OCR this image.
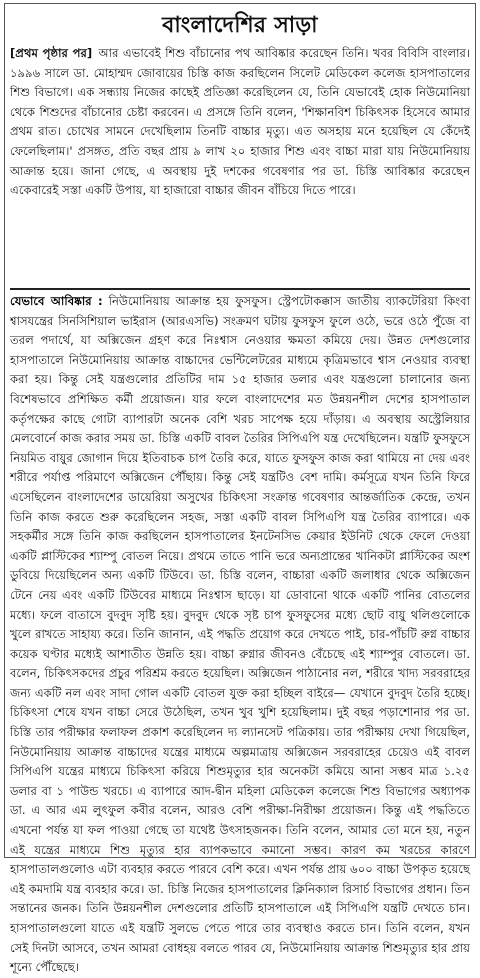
বাংলাদেশির সাড়া

[প্রথম পৃষ্ঠার পর] আর এভাবেই শিশু বাঁচানোর পথ আবিষ্কার করেছেন তিনি। খবর বিবিসি বাংলার। ১৯৯৬ সালে ডা. মোহাম্মদ জোবায়ের চিস্তি কাজ করছিলেন সিলেট মেডিকেল কলেজ হাসপাতালের শিশু বিভাগে। এক সন্ধ্যায় নিজের কাছেই প্রতিজ্ঞা করেছিলেন যে, তিনি যেভাবেই হোক নিউমোনিয়া থেকে শিশুদের বাঁচানোর চেষ্টা করবেন। এ প্রসঙ্গে তিনি বলেন, 'শিক্ষানবিশ চিকিৎসক হিসেবে আমার প্রথম রাত। চোখের সামনে দেখেছিলাম তিনটি বাচ্চার মৃত্যু। এত অসহায় মনে হয়েছিল যে কেঁদেই ফেলেছিলাম।' প্রসঙ্গত, প্রতি বছর প্রায় ৯ লাখ ২০ হাজার শিশু এবং বাচ্চা মারা যায় নিউমোনিয়ায় আক্রান্ত হয়ে। জানা গেছে, এ অবস্থায় দুই দশকের গবেষণার পর ডা. চিস্তি আবিষ্কার করেছেন একেবারেই সস্তা একটি উপায়, যা হাজারো বাচ্চার জীবন বাঁচিয়ে দিতে পারে।

যেভাবে আবিষ্কার : নিউমোনিয়ায় আক্রান্ত হয় ফুসফুস। স্ট্রেপটোকক্কাস জাতীয় ব্যাকটেরিয়া কিংবা শ্বাসযন্ত্রের সিনসিশিয়াল ভাইরাস (আরএসভি) সংক্রমণ ঘটায় ফুসফুস ফুলে ওঠে, ভরে ওঠে পুঁজে বা তরল পদার্থে, যা অক্সিজেন গ্রহণ করে নিঃশ্বাস নেওয়ার ক্ষমতা কমিয়ে দেয়। উন্নত দেশগুলোর হাসপাতালে নিউমোনিয়ায় আক্রান্ত বাচ্চাদের ভেন্টিলেটরের মাধ্যমে কৃত্রিমভাবে শ্বাস নেওয়ার ব্যবস্থা করা হয়। কিন্তু সেই যন্ত্রগুলোর প্রতিটির দাম ১৫ হাজার ডলার এবং যন্ত্রগুলো চালানোর জন্য বিশেষভাবে প্রশিক্ষিত কর্মী প্রয়োজন। যার ফলে বাংলাদেশের মত উন্নয়নশীল দেশের হাসপাতাল কর্তৃপক্ষের কাছে গোটা ব্যাপারটা অনেক বেশি খরচ সাপেক্ষ হয়ে দাঁড়ায়। এ অবস্থায় অস্ট্রেলিয়ার মেলবোর্নে কাজ করার সময় ডা. চিস্তি একটি বাবল তৈরির সিপিএপি যন্ত্র দেখেছিলেন। যন্ত্রটি ফুসফুসে নিয়মিত বায়ুর জোগান দিয়ে ইতিবাচক চাপ তৈরি করে, যাতে ফুসফুস কাজ করা থামিয়ে না দেয় এবং শরীরে পর্যাপ্ত পরিমাণে অক্সিজেন পৌঁছায়। কিন্তু সেই যন্ত্রটিও বেশ দামি। কর্মসূত্রে যখন তিনি ফিরে এসেছিলেন বাংলাদেশের ডায়েরিয়া অসুখের চিকিৎসা সংক্রান্ত গবেষণার আন্তর্জাতিক কেন্দ্রে, তখন তিনি কাজ করতে শুরু করেছিলেন সহজ, সস্তা একটি বাবল সিপিএপি যন্ত্র তৈরির ব্যাপারে। এক সহকর্মীর সঙ্গে তিনি কাজ করছিলেন হাসপাতালের ইনটেনসিভ কেয়ার ইউনিট থেকে ফেলে দেওয়া একটি প্লাস্টিকের শ্যাম্পু বোতল নিয়ে। প্রথমে তাতে পানি ভরে অন্যপ্রান্তের খানিকটা প্লাস্টিকের অংশ ডুবিয়ে দিয়েছিলেন অন্য একটি টিউবে। ডা. চিস্তি বলেন, বাচ্চারা একটি জলাধার থেকে অক্সিজেন টেনে নেয় এবং একটি টিউবের মাধ্যমে নিঃশ্বাস ছাড়ে। যা ডোবানো থাকে একটি পানির বোতলের মধ্যে। ফলে বাতাসে বুদবুদ সৃষ্টি হয়। বুদবুদ থেকে সৃষ্ট চাপ ফুসফুসের মধ্যে ছোট বায়ু থলিগুলোকে খুলে রাখতে সাহায্য করে। তিনি জানান, এই পদ্ধতি প্রয়োগ করে দেখতে পাই, চার-পাঁচটি রুগ্ন বাচ্চার কয়েক ঘণ্টার মধ্যেই আশাতীত উন্নতি হয়। বাচ্চা রুগ্নার জীবনও বেঁচেছে এই শ্যাম্পুর বোতলে। ডা. বলেন, চিকিৎসকদের প্রচুর পরিশ্রম করতে হয়েছিল। অক্সিজেন পাঠানোর নল, শরীরে খাদ্য সরবরাহের জন্য একটি নল এবং সাদা গোল একটি বোতল যুক্ত করা হচ্ছিল বাইরে— যেখানে বুদবুদ তৈরি হচ্ছে। চিকিৎসা শেষে যখন বাচ্চা সেরে উঠেছিল, তখন খুব খুশি হয়েছিলাম। দুই বছর পড়াশোনার পর ডা. চিস্তি তার পরীক্ষার ফলাফল প্রকাশ করেছিলেন দ্য ল্যানসেট পত্রিকায়। তার পরীক্ষায় দেখা গিয়েছিল, নিউমোনিয়ায় আক্রান্ত বাচ্চাদের যন্ত্রের মাধ্যমে অল্পমাত্রায় অক্সিজেন সরবরাহের চেয়েও এই বাবল সিপিএপি যন্ত্রের মাধ্যমে চিকিৎসা করিয়ে শিশুমৃত্যুর হার অনেকটা কমিয়ে আনা সম্ভব মাত্র ১.২৫ ডলার বা ১ পাউন্ড খরচে। এ ব্যাপারে আদ-দ্বীন মহিলা মেডিকেল কলেজে শিশু বিভাগের অধ্যাপক ডা. এ আর এম লুৎফুল কবীর বলেন, আরও বেশি পরীক্ষা-নিরীক্ষা প্রয়োজন। কিন্তু এই পদ্ধতিতে এখনো পর্যন্ত যা ফল পাওয়া গেছে তা যথেষ্ট উৎসাহজনক। তিনি বলেন, আমার তো মনে হয়, নতুন এই যন্ত্রের মাধ্যমে শিশু মৃত্যুর হার ব্যাপকভাবে কমানো সম্ভব। কারণ কম খরচের কারণে হাসপাতালগুলোও এটা ব্যবহার করতে পারবে বেশি করে। এখন পর্যন্ত প্রায় ৬০০ বাচ্চা উপকৃত হয়েছে এই কমদামি যন্ত্র ব্যবহার করে। ডা. চিস্তি নিজের হাসপাতালের ক্লিনিক্যাল রিসার্চ বিভাগের প্রধান। তিন সন্তানের জনক। তিনি উন্নয়নশীল দেশগুলোর প্রতিটি হাসপাতালে এই সিপিএপি যন্ত্রটি দেখতে চান। হাসপাতালগুলো যাতে এই যন্ত্রটি সুলভে পেতে পারে তার ব্যবস্থাও করতে চান। তিনি বলেন, যখন সেই দিনটা আসবে, তখন আমরা বোধহয় বলতে পারব যে, নিউমোনিয়ায় আক্রান্ত শিশুমৃত্যুর হার প্রায় শূন্যে পৌঁছেছে।
